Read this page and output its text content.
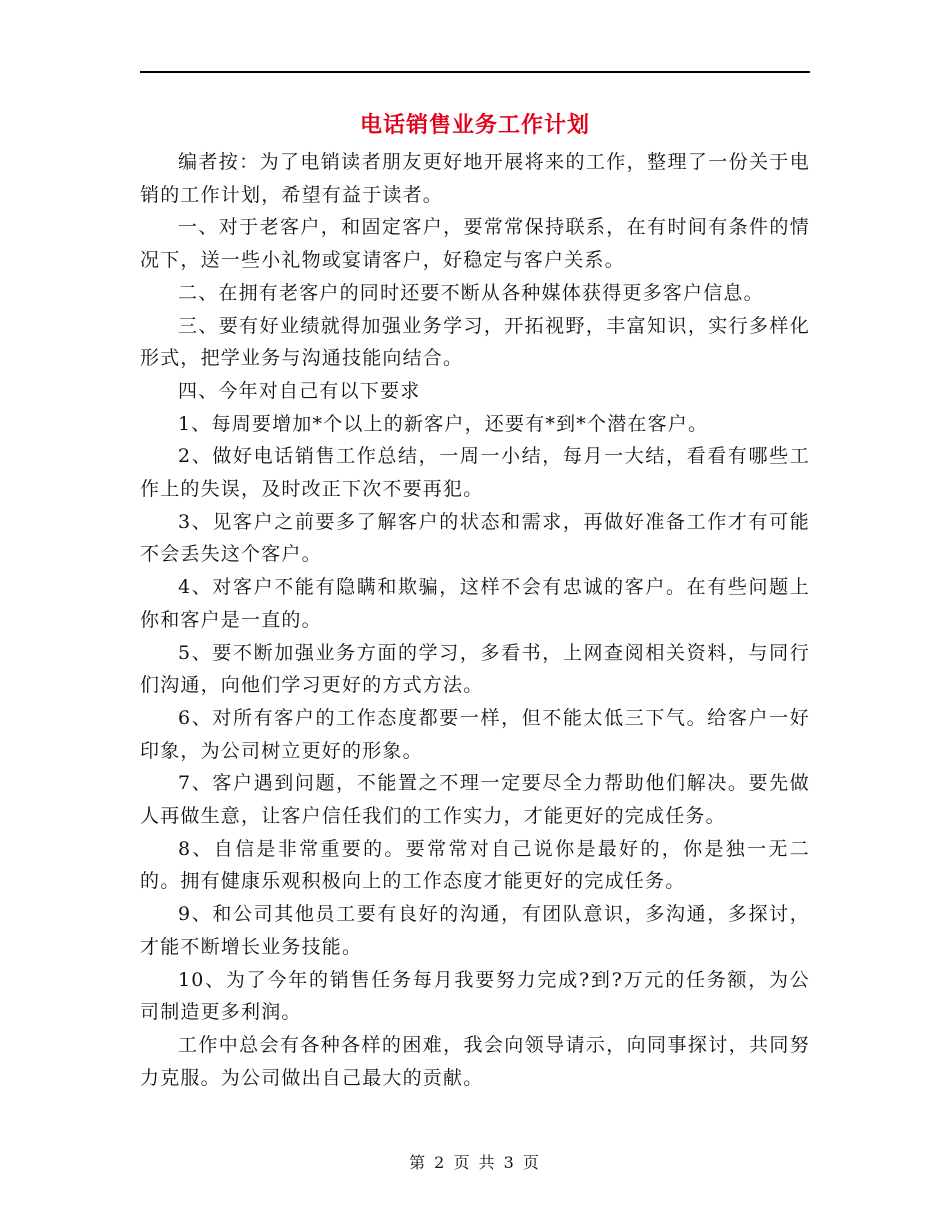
电话销售业务工作计划

编者按：为了电销读者朋友更好地开展将来的工作，整理了一份关于电销的工作计划，希望有益于读者。

一、对于老客户，和固定客户，要常常保持联系，在有时间有条件的情况下，送一些小礼物或宴请客户，好稳定与客户关系。

二、在拥有老客户的同时还要不断从各种媒体获得更多客户信息。

三、要有好业绩就得加强业务学习，开拓视野，丰富知识，实行多样化形式，把学业务与沟通技能向结合。

四、今年对自己有以下要求

1、每周要增加*个以上的新客户，还要有*到*个潜在客户。

2、做好电话销售工作总结，一周一小结，每月一大结，看看有哪些工作上的失误，及时改正下次不要再犯。

3、见客户之前要多了解客户的状态和需求，再做好准备工作才有可能不会丢失这个客户。

4、对客户不能有隐瞒和欺骗，这样不会有忠诚的客户。在有些问题上你和客户是一直的。

5、要不断加强业务方面的学习，多看书，上网查阅相关资料，与同行们沟通，向他们学习更好的方式方法。

6、对所有客户的工作态度都要一样，但不能太低三下气。给客户一好印象，为公司树立更好的形象。

7、客户遇到问题，不能置之不理一定要尽全力帮助他们解决。要先做人再做生意，让客户信任我们的工作实力，才能更好的完成任务。

8、自信是非常重要的。要常常对自己说你是最好的，你是独一无二的。拥有健康乐观积极向上的工作态度才能更好的完成任务。

9、和公司其他员工要有良好的沟通，有团队意识，多沟通，多探讨，才能不断增长业务技能。

10、为了今年的销售任务每月我要努力完成?到?万元的任务额，为公司制造更多利润。

工作中总会有各种各样的困难，我会向领导请示，向同事探讨，共同努力克服。为公司做出自己最大的贡献。

第 2 页 共 3 页
